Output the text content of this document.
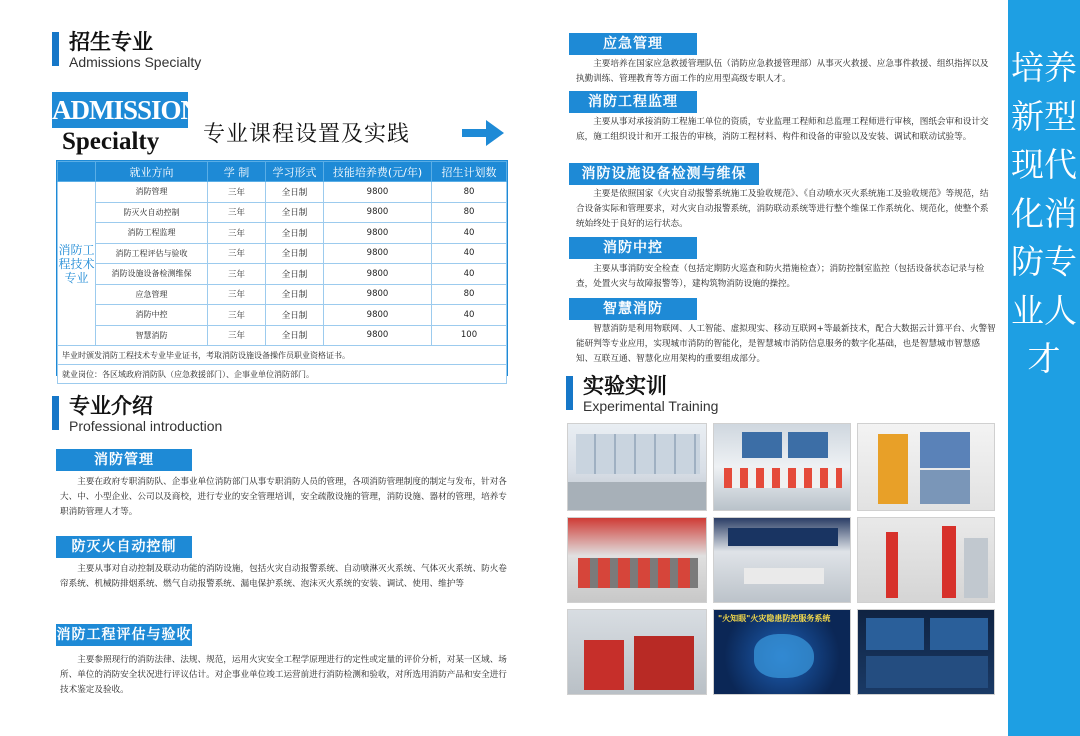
招生专业
Admissions Specialty
ADMISSIONS
Specialty 专业课程设置及实践
	就业方向	学 制	学习形式	技能培养费(元/年)	招生计划数
消防工程技术专业	消防管理	三年	全日制	9800	80
	防灭火自动控制	三年	全日制	9800	80
	消防工程监理	三年	全日制	9800	40
	消防工程评估与验收	三年	全日制	9800	40
	消防设施设备检测维保	三年	全日制	9800	40
	应急管理	三年	全日制	9800	80
	消防中控	三年	全日制	9800	40
	智慧消防	三年	全日制	9800	100
毕业时颁发消防工程技术专业毕业证书，考取消防设施设备操作员职业资格证书。					
就业岗位：各区域政府消防队（应急救援部门）、企事业单位消防部门。					
专业介绍
Professional introduction
消防管理
主要在政府专职消防队、企事业单位消防部门从事专职消防人员的管理，各项消防管理制度的制定与发布，针对各大、中、小型企业、公司以及商校，进行专业的安全管理培训，安全疏散设施的管理，消防设施、器材的管理，培养专职消防管理人才等。
防灭火自动控制
主要从事对自动控制及联动功能的消防设施，包括火灾自动报警系统、自动喷淋灭火系统、气体灭火系统、防火卷帘系统、机械防排烟系统、燃气自动报警系统、漏电保护系统、泡沫灭火系统的安装、调试、使用、维护等
消防工程评估与验收
主要参照现行的消防法律、法规、规范，运用火灾安全工程学原理进行的定性或定量的评价分析，对某一区域、场所、单位的消防安全状况进行评议估计。对企事业单位竣工运营前进行消防检测和验收，对所选用消防产品和安全进行技术鉴定及验收。
应急管理
主要培养在国家应急救援管理队伍（消防应急救援管理部）从事灭火救援、应急事件救援、组织指挥以及执勤训练、管理教育等方面工作的应用型高级专职人才。
消防工程监理
主要从事对承接消防工程施工单位的资质，专业监理工程师和总监理工程师进行审核，图纸会审和设计交底，施工组织设计和开工报告的审核，消防工程材料、构件和设备的审验以及安装、调试和联动试验等。
消防设施设备检测与维保
主要是依照国家《火灾自动报警系统施工及验收规范》、《自动喷水灭火系统施工及验收规范》等规范，结合设备实际和管理要求，对火灾自动报警系统，消防联动系统等进行整个维保工作系统化、规范化，使整个系统始终处于良好的运行状态。
消防中控
主要从事消防安全检查（包括定期防火巡查和防火措施检查）；消防控制室监控（包括设备状态记录与检查，处置火灾与故障报警等），建构筑物消防设施的操控。
智慧消防
智慧消防是利用物联网、人工智能、虚拟现实、移动互联网+等最新技术，配合大数据云计算平台、火警智能研判等专业应用，实现城市消防的智能化，是智慧城市消防信息服务的数字化基础，也是智慧城市智慧感知、互联互通、智慧化应用架构的重要组成部分。
实验实训
Experimental Training
"火知眼"火灾隐患防控服务系统
培养新型现代化消防专业人才
